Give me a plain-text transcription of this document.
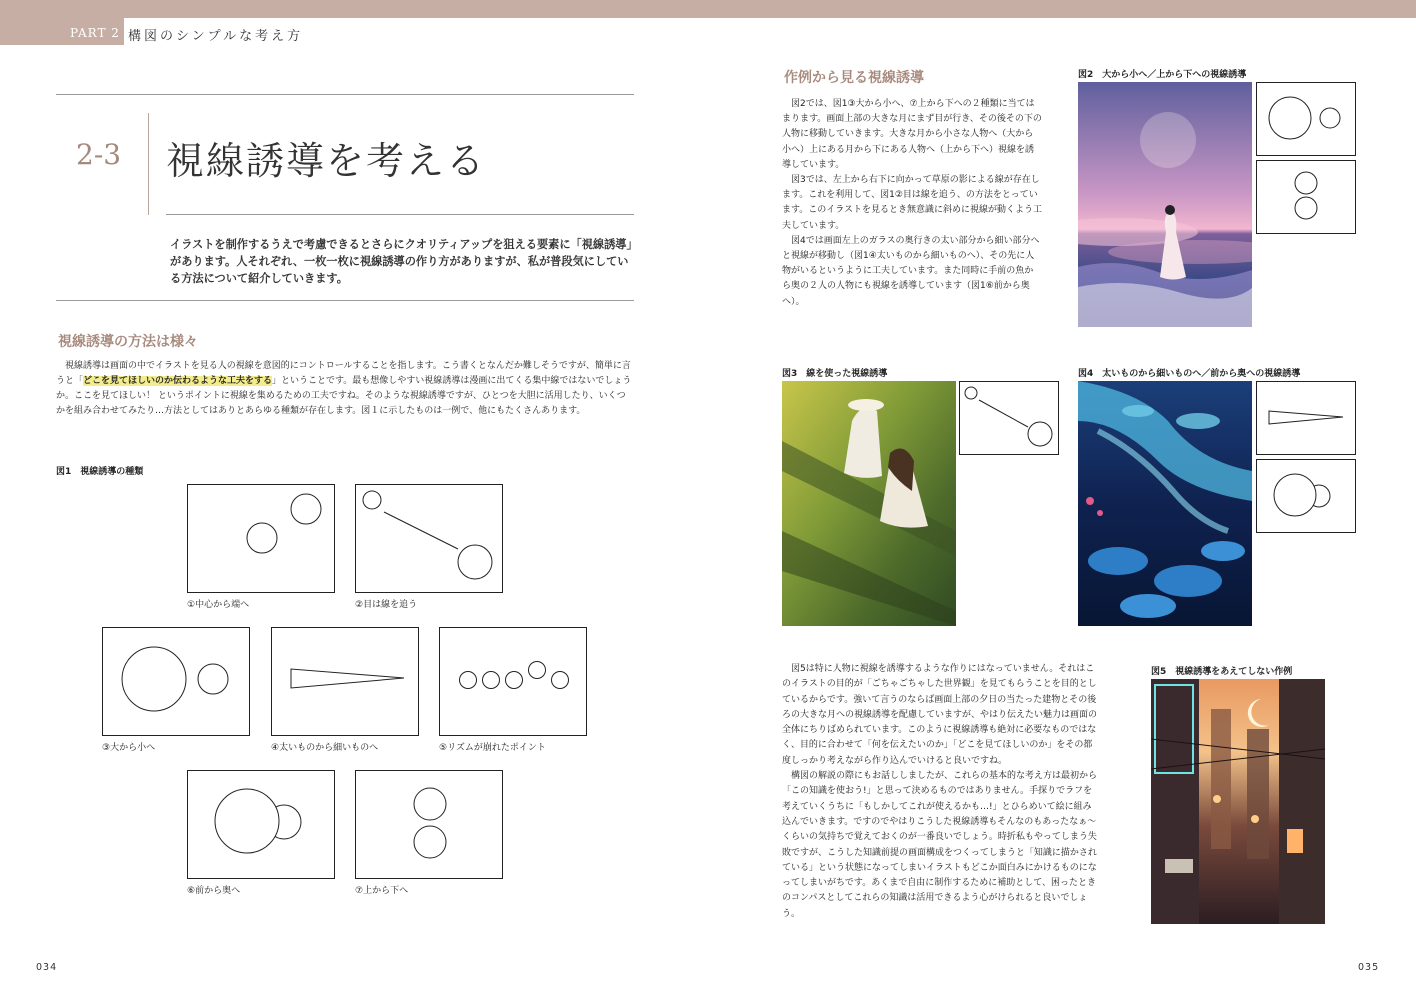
PART 2 構図のシンプルな考え方
2-3 視線誘導を考える
イラストを制作するうえで考慮できるとさらにクオリティアップを狙える要素に「視線誘導」があります。人それぞれ、一枚一枚に視線誘導の作り方がありますが、私が普段気にしている方法について紹介していきます。
視線誘導の方法は様々
視線誘導は画面の中でイラストを見る人の視線を意図的にコントロールすることを指します。こう書くとなんだか難しそうですが、簡単に言うと「どこを見てほしいのか伝わるような工夫をする」ということです。最も想像しやすい視線誘導は漫画に出てくる集中線ではないでしょうか。ここを見てほしい！ というポイントに視線を集めるための工夫ですね。そのような視線誘導ですが、ひとつを大胆に活用したり、いくつかを組み合わせてみたり…方法としてはありとあらゆる種類が存在します。図１に示したものは一例で、他にもたくさんあります。
図1　視線誘導の種類
①中心から端へ	②目は線を追う
③大から小へ	④太いものから細いものへ	⑤リズムが崩れたポイント
⑥前から奥へ	⑦上から下へ
034
作例から見る視線誘導
図2では、図1③大から小へ、⑦上から下への２種類に当てはまります。画面上部の大きな月にまず目が行き、その後その下の人物に移動していきます。大きな月から小さな人物へ（大から小へ）上にある月から下にある人物へ（上から下へ）視線を誘導しています。
図3では、左上から右下に向かって草原の影による線が存在します。これを利用して、図1②目は線を追う、の方法をとっています。このイラストを見るとき無意識に斜めに視線が動くよう工夫しています。
図4では画面左上のガラスの奥行きの太い部分から細い部分へと視線が移動し（図1④太いものから細いものへ）、その先に人物がいるというように工夫しています。また同時に手前の魚から奥の２人の人物にも視線を誘導しています（図1⑥前から奥へ）。
図2　大から小へ／上から下への視線誘導
図3　線を使った視線誘導	図4　太いものから細いものへ／前から奥への視線誘導
図5は特に人物に視線を誘導するような作りにはなっていません。それはこのイラストの目的が「ごちゃごちゃした世界観」を見てもらうことを目的としているからです。強いて言うのならば画面上部の夕日の当たった建物とその後ろの大きな月への視線誘導を配慮していますが、やはり伝えたい魅力は画面の全体にちりばめられています。このように視線誘導も絶対に必要なものではなく、目的に合わせて「何を伝えたいのか」「どこを見てほしいのか」をその都度しっかり考えながら作り込んでいけると良いですね。
構図の解説の際にもお話ししましたが、これらの基本的な考え方は最初から「この知識を使おう!」と思って決めるものではありません。手探りでラフを考えていくうちに「もしかしてこれが使えるかも…!」とひらめいて絵に組み込んでいきます。ですのでやはりこうした視線誘導もそんなのもあったなぁ〜くらいの気持ちで覚えておくのが一番良いでしょう。時折私もやってしまう失敗ですが、こうした知識前提の画面構成をつくってしまうと「知識に描かされている」という状態になってしまいイラストもどこか面白みにかけるものになってしまいがちです。あくまで自由に制作するために補助として、困ったときのコンパスとしてこれらの知識は活用できるよう心がけられると良いでしょう。
図5　視線誘導をあえてしない作例
035
